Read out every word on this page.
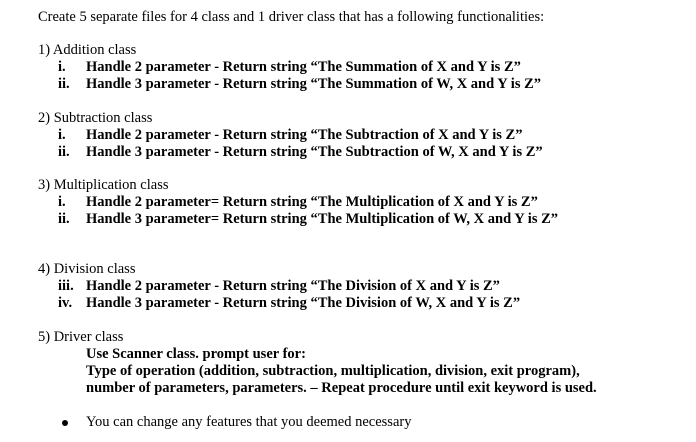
Create 5 separate files for 4 class and 1 driver class that has a following functionalities:
1) Addition class
i.	Handle 2 parameter - Return string “The Summation of X and Y is Z”
ii.	Handle 3 parameter - Return string “The Summation of W, X and Y is Z”
2) Subtraction class
i.	Handle 2 parameter - Return string “The Subtraction of X and Y is Z”
ii.	Handle 3 parameter - Return string “The Subtraction of W, X and Y is Z”
3) Multiplication class
i.	Handle 2 parameter= Return string “The Multiplication of X and Y is Z”
ii.	Handle 3 parameter= Return string “The Multiplication of W, X and Y is Z”
4) Division class
iii. Handle 2 parameter - Return string “The Division of X and Y is Z”
iv. Handle 3 parameter - Return string “The Division of W, X and Y is Z”
5) Driver class
Use Scanner class. prompt user for:
Type of operation (addition, subtraction, multiplication, division, exit program),
number of parameters, parameters. – Repeat procedure until exit keyword is used.
You can change any features that you deemed necessary
